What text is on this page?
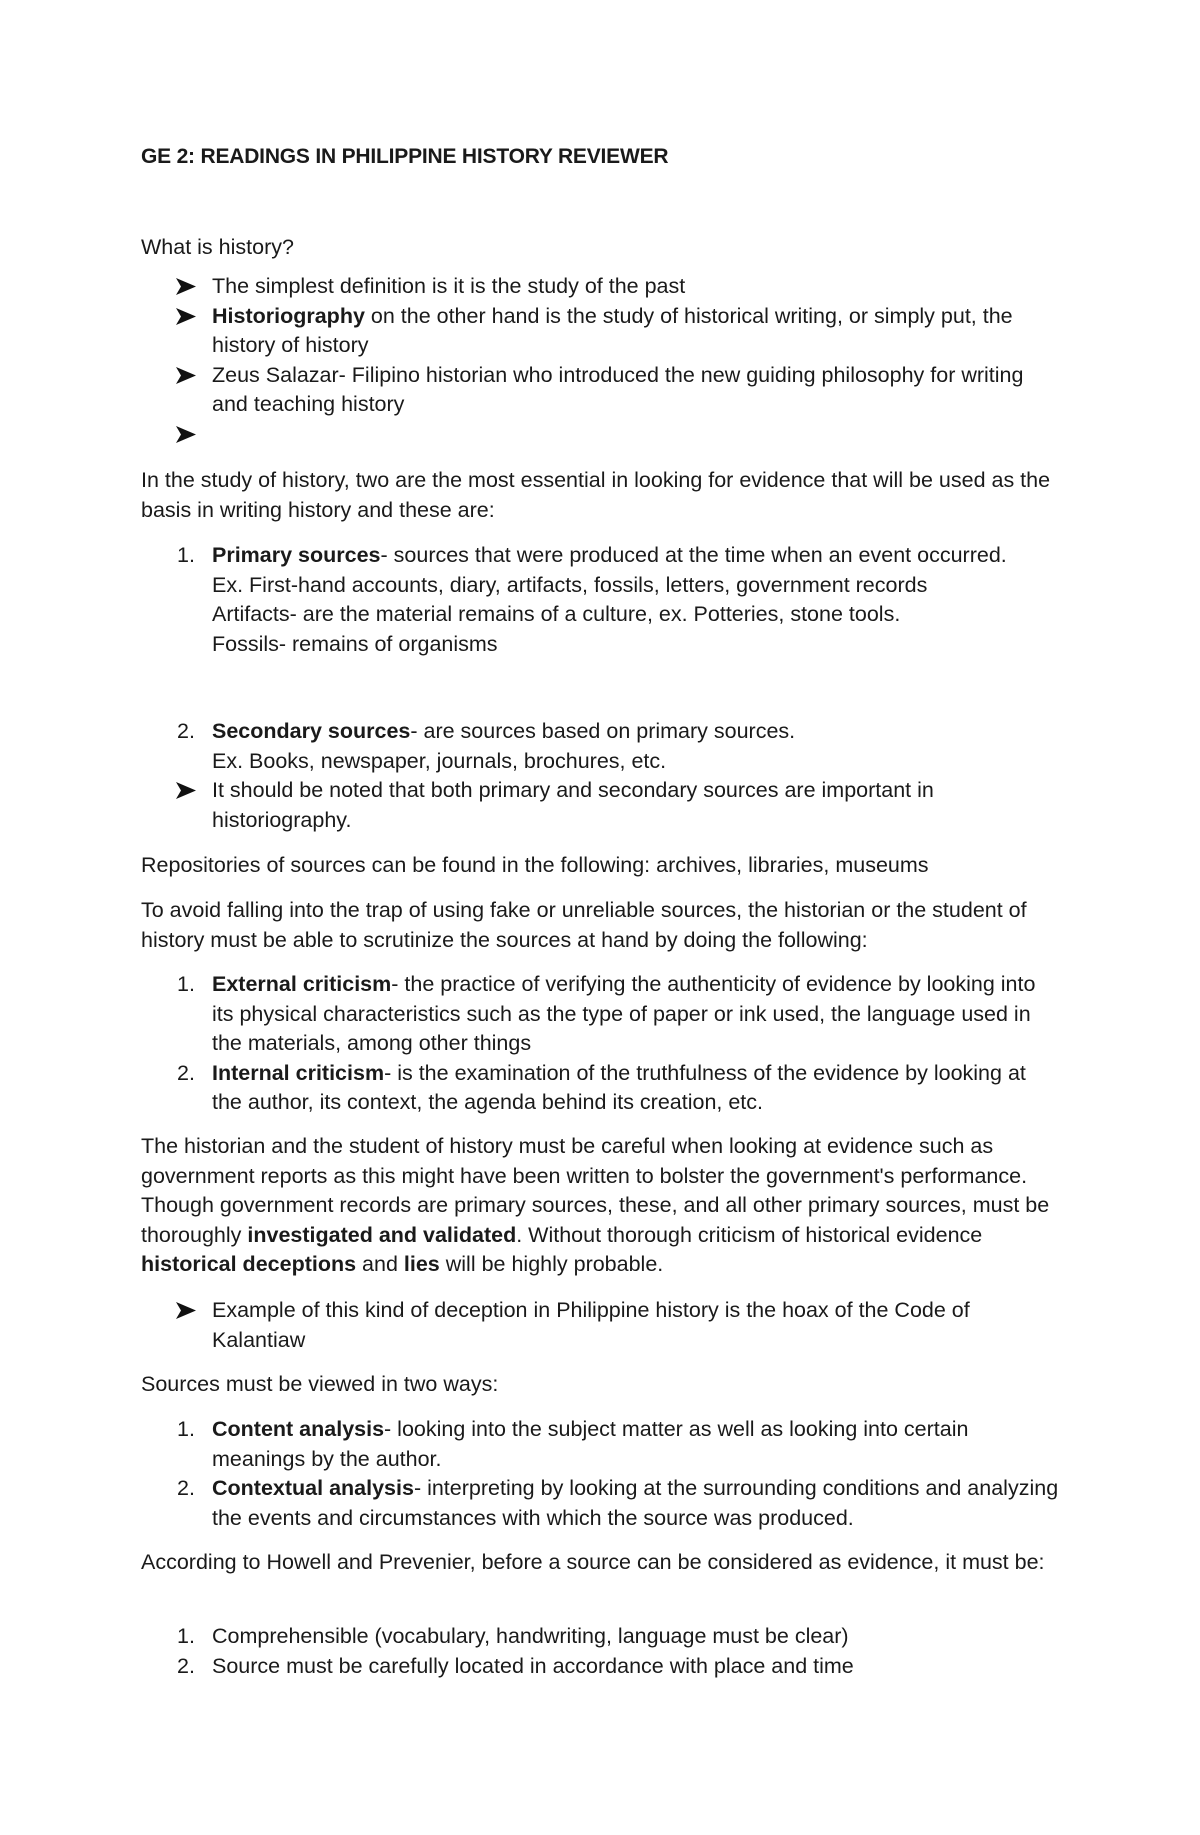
GE 2: READINGS IN PHILIPPINE HISTORY REVIEWER

What is history?

The simplest definition is it is the study of the past
Historiography on the other hand is the study of historical writing, or simply put, the history of history
Zeus Salazar- Filipino historian who introduced the new guiding philosophy for writing and teaching history

In the study of history, two are the most essential in looking for evidence that will be used as the basis in writing history and these are:

1. Primary sources- sources that were produced at the time when an event occurred.

Ex. First-hand accounts, diary, artifacts, fossils, letters, government records

Artifacts- are the material remains of a culture, ex. Potteries, stone tools.

Fossils- remains of organisms

2. Secondary sources- are sources based on primary sources.

Ex. Books, newspaper, journals, brochures, etc.

It should be noted that both primary and secondary sources are important in historiography.

Repositories of sources can be found in the following: archives, libraries, museums

To avoid falling into the trap of using fake or unreliable sources, the historian or the student of history must be able to scrutinize the sources at hand by doing the following:

1. External criticism- the practice of verifying the authenticity of evidence by looking into its physical characteristics such as the type of paper or ink used, the language used in the materials, among other things
2. Internal criticism- is the examination of the truthfulness of the evidence by looking at the author, its context, the agenda behind its creation, etc.

The historian and the student of history must be careful when looking at evidence such as government reports as this might have been written to bolster the government's performance. Though government records are primary sources, these, and all other primary sources, must be thoroughly investigated and validated. Without thorough criticism of historical evidence historical deceptions and lies will be highly probable.

Example of this kind of deception in Philippine history is the hoax of the Code of Kalantiaw

Sources must be viewed in two ways:

1. Content analysis- looking into the subject matter as well as looking into certain meanings by the author.
2. Contextual analysis- interpreting by looking at the surrounding conditions and analyzing the events and circumstances with which the source was produced.

According to Howell and Prevenier, before a source can be considered as evidence, it must be:

1. Comprehensible (vocabulary, handwriting, language must be clear)
2. Source must be carefully located in accordance with place and time
